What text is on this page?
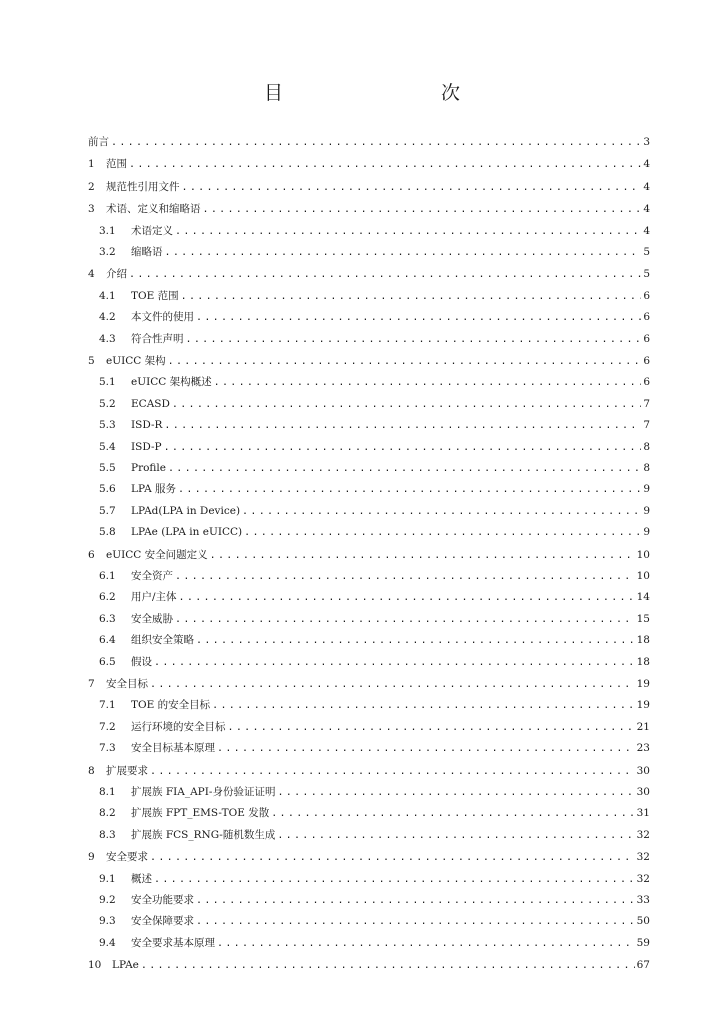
目　　次
前言 .....	3
1	范围 .....	4
2	规范性引用文件 .....	4
3	术语、定义和缩略语 .....	4
3.1	术语定义 .....	4
3.2	缩略语 .....	5
4	介绍 .....	5
4.1	TOE 范围 .....	6
4.2	本文件的使用 .....	6
4.3	符合性声明 .....	6
5	eUICC 架构 .....	6
5.1	eUICC 架构概述 .....	6
5.2	ECASD .....	7
5.3	ISD-R .....	7
5.4	ISD-P .....	8
5.5	Profile .....	8
5.6	LPA 服务 .....	9
5.7	LPAd(LPA in Device) .....	9
5.8	LPAe (LPA in eUICC) .....	9
6	eUICC 安全问题定义 .....	10
6.1	安全资产 .....	10
6.2	用户/主体 .....	14
6.3	安全威胁 .....	15
6.4	组织安全策略 .....	18
6.5	假设 .....	18
7	安全目标 .....	19
7.1	TOE 的安全目标 .....	19
7.2	运行环境的安全目标 .....	21
7.3	安全目标基本原理 .....	23
8	扩展要求 .....	30
8.1	扩展族 FIA_API-身份验证证明 .....	30
8.2	扩展族 FPT_EMS-TOE 发散 .....	31
8.3	扩展族 FCS_RNG-随机数生成 .....	32
9	安全要求 .....	32
9.1	概述 .....	32
9.2	安全功能要求 .....	33
9.3	安全保障要求 .....	50
9.4	安全要求基本原理 .....	59
10	LPAe .....	67
